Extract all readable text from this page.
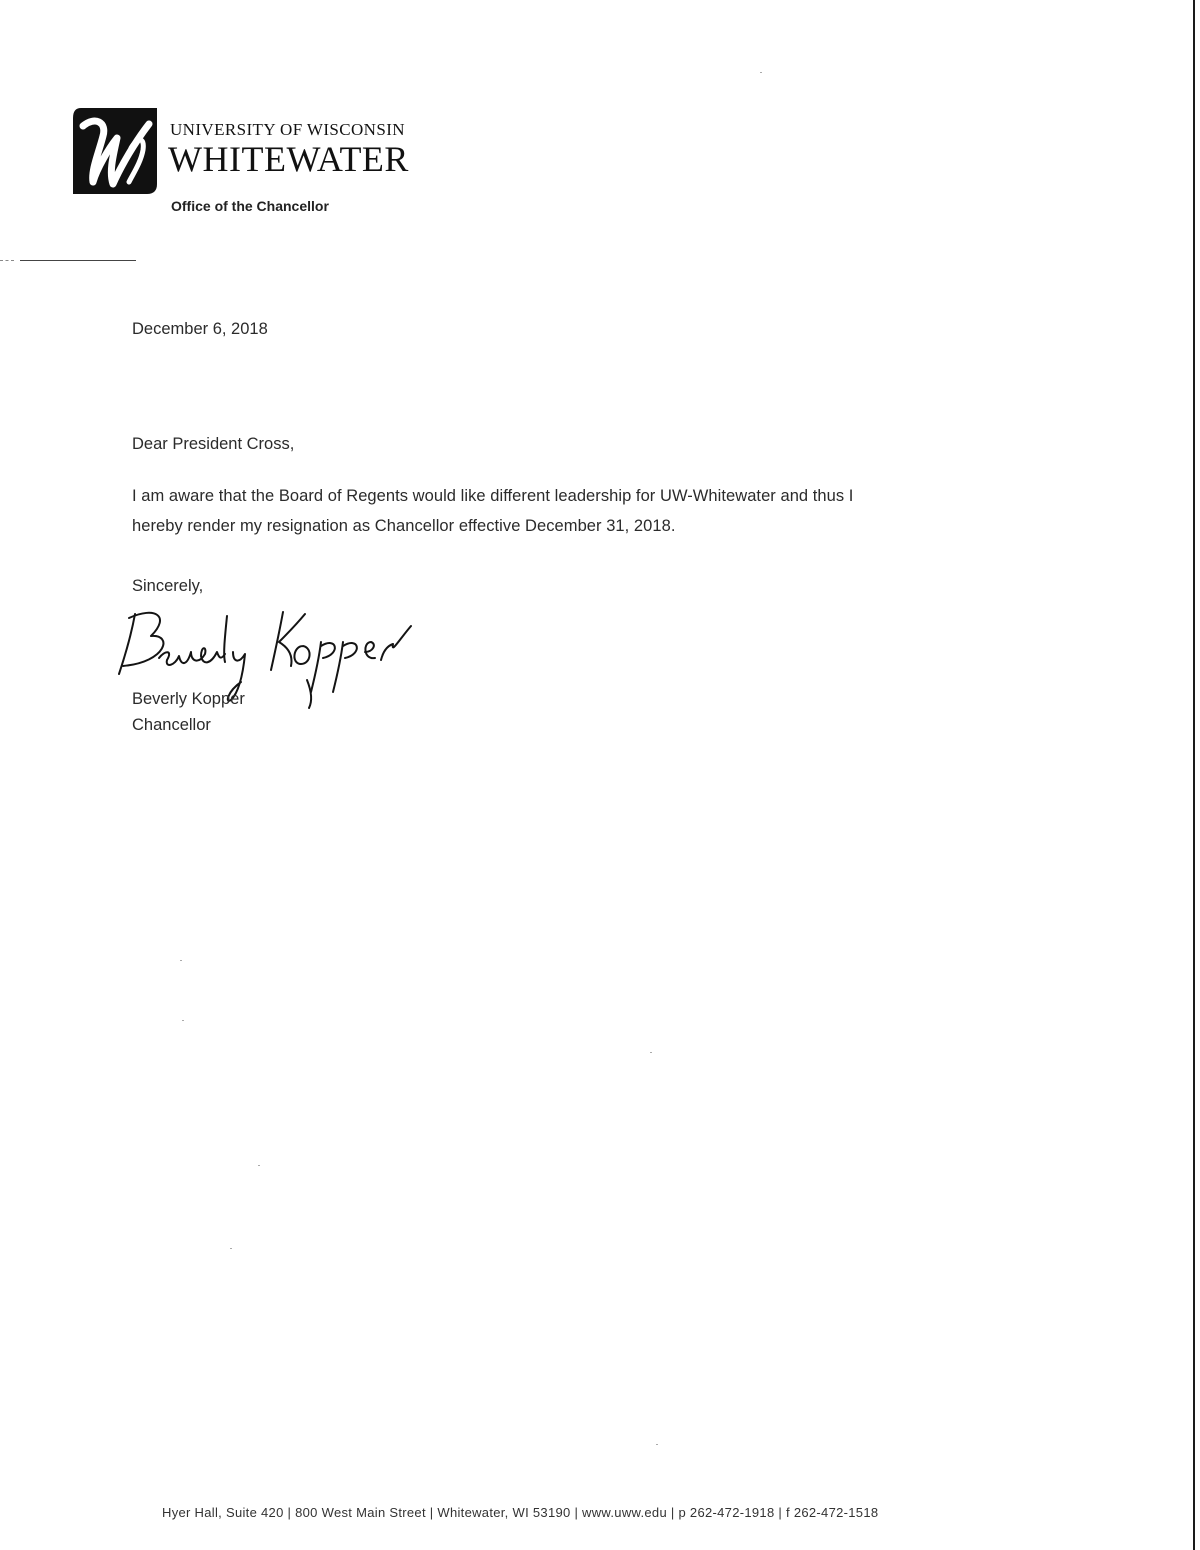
UNIVERSITY OF WISCONSIN
WHITEWATER
Office of the Chancellor
December 6, 2018
Dear President Cross,
I am aware that the Board of Regents would like different leadership for UW-Whitewater and thus I
hereby render my resignation as Chancellor effective December 31, 2018.
Sincerely,
Beverly Kopper
Chancellor
Hyer Hall, Suite 420 | 800 West Main Street | Whitewater, WI 53190 | www.uww.edu | p 262-472-1918 | f 262-472-1518
